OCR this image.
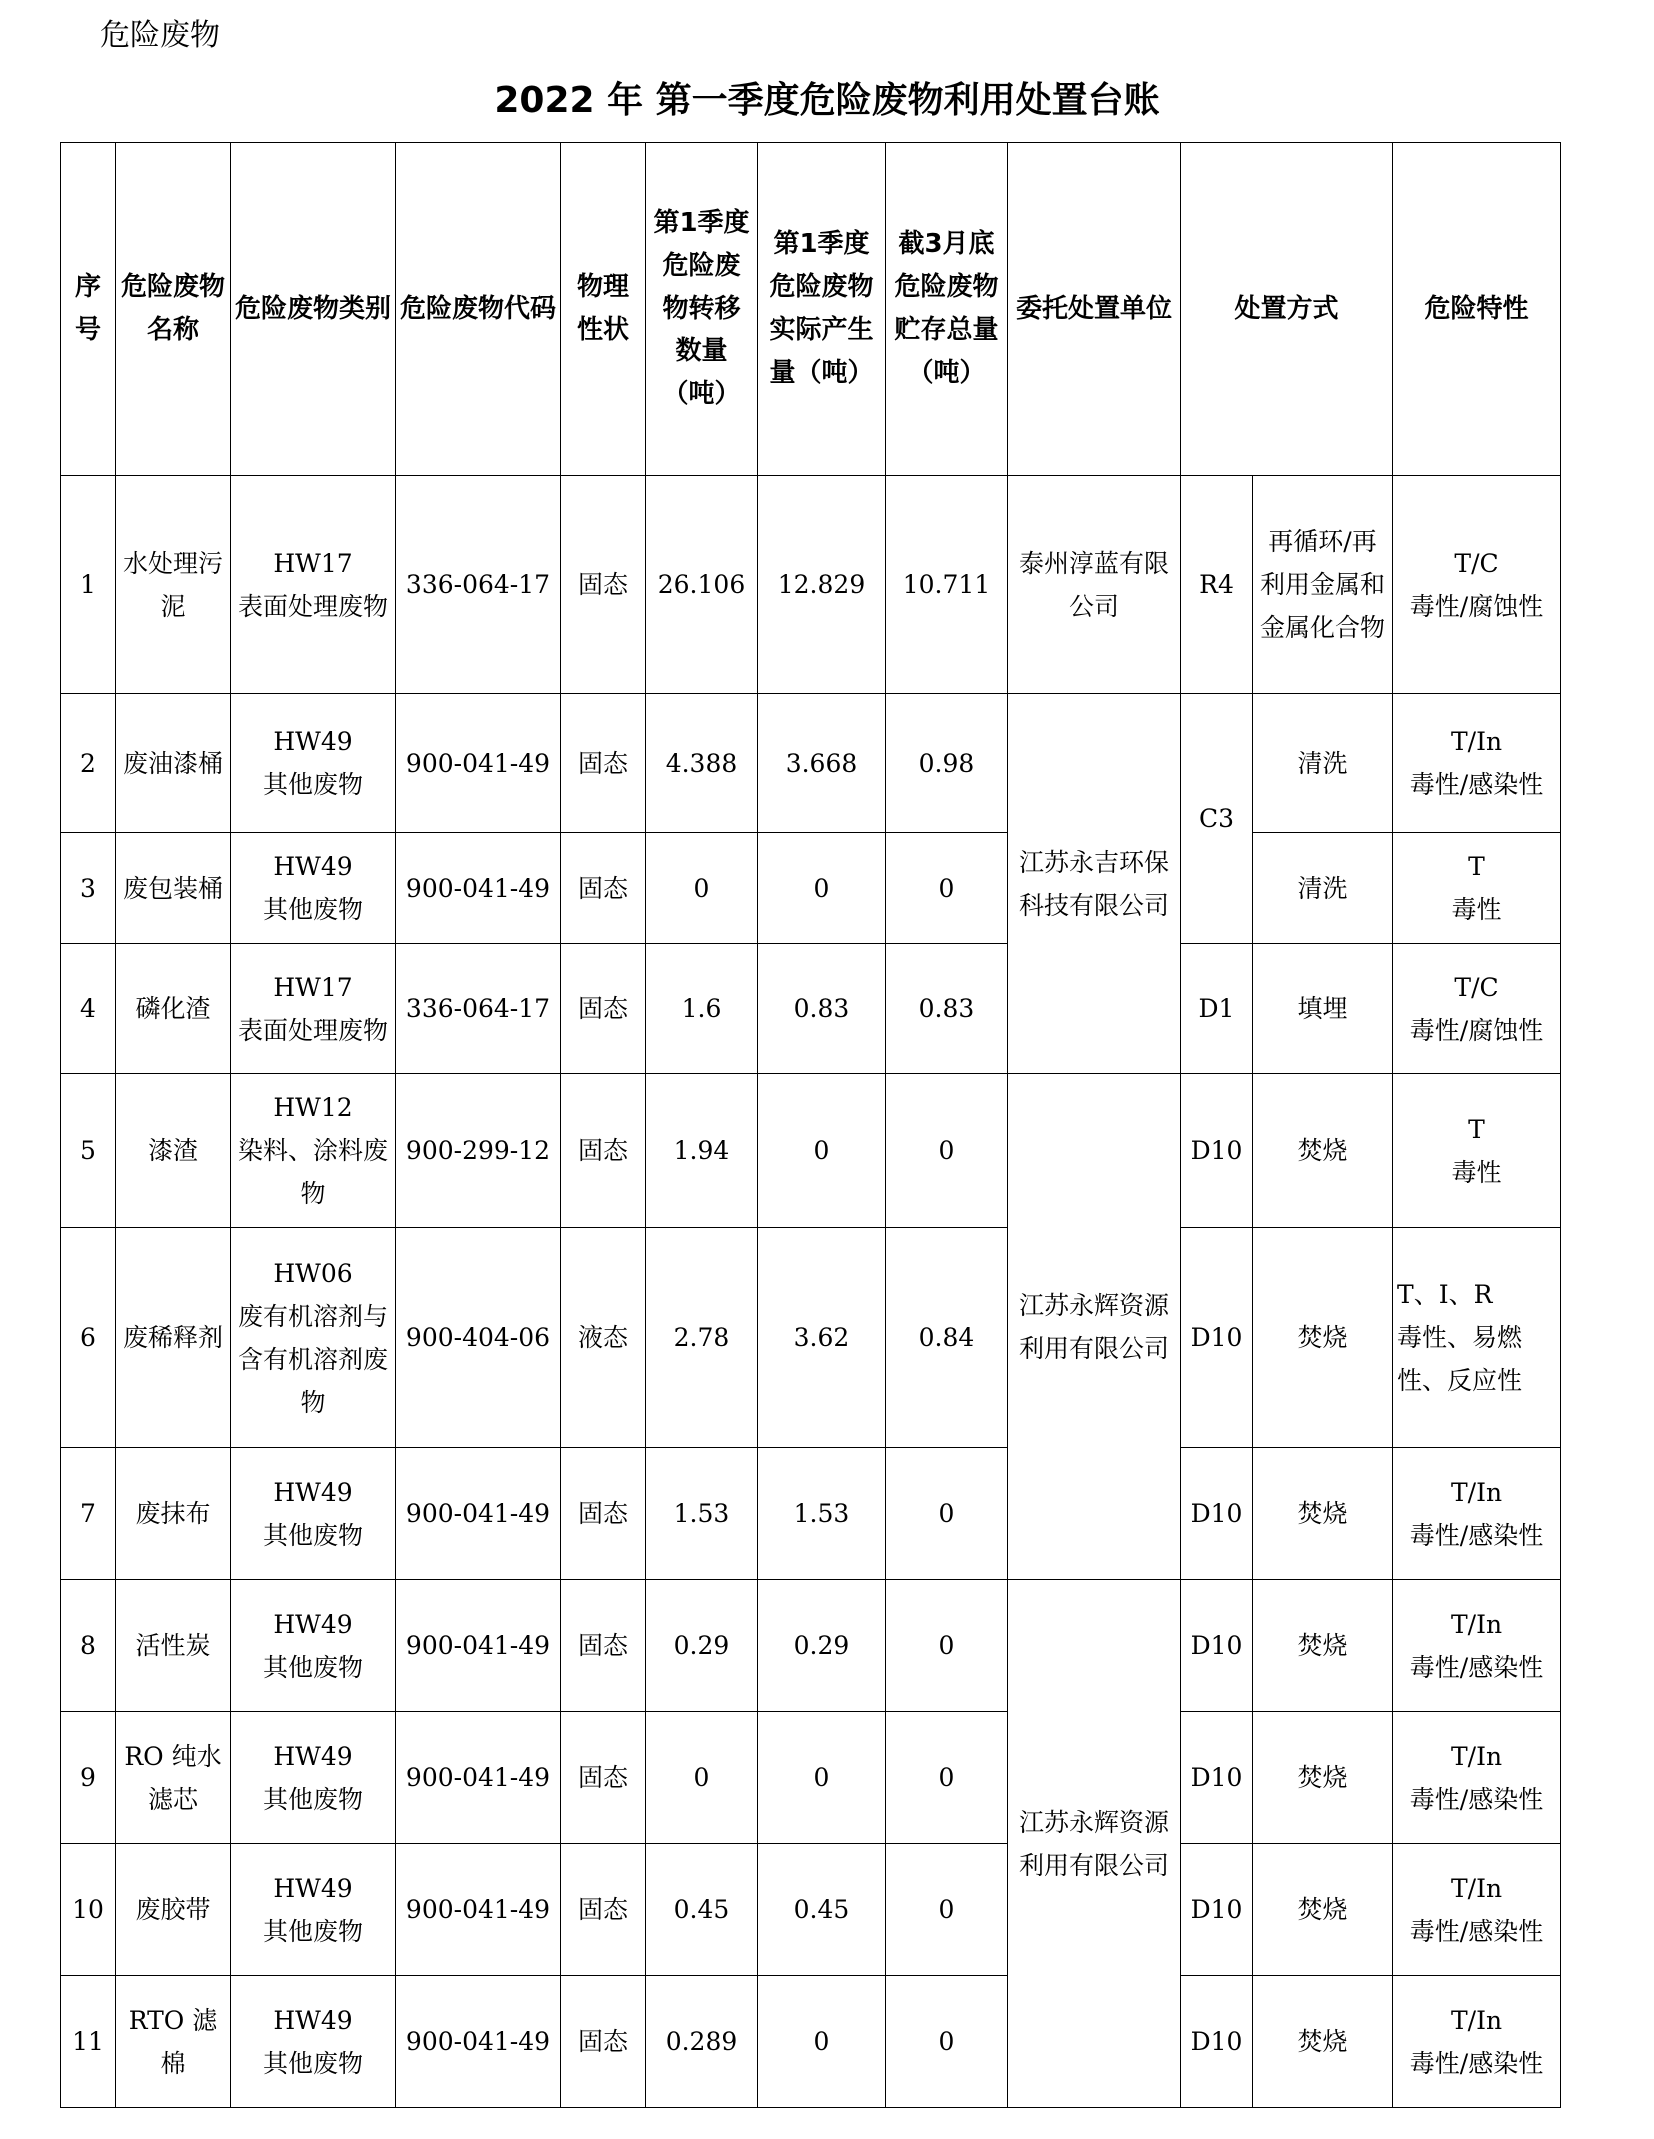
危险废物
2022 年 第一季度危险废物利用处置台账
序号	危险废物名称	危险废物类别	危险废物代码	物理性状	第1季度危险废物转移数量（吨）	第1季度危险废物实际产生量（吨）	截3月底危险废物贮存总量（吨）	委托处置单位	处置方式		危险特性
1	水处理污泥	HW17
表面处理废物	336-064-17	固态	26.106	12.829	10.711	泰州淳蓝有限公司	R4	再循环/再利用金属和金属化合物	T/C
毒性/腐蚀性
2	废油漆桶	HW49
其他废物	900-041-49	固态	4.388	3.668	0.98	江苏永吉环保科技有限公司	C3	清洗	T/In
毒性/感染性
3	废包装桶	HW49
其他废物	900-041-49	固态	0	0	0			清洗	T
毒性
4	磷化渣	HW17
表面处理废物	336-064-17	固态	1.6	0.83	0.83		D1	填埋	T/C
毒性/腐蚀性
5	漆渣	HW12
染料、涂料废物	900-299-12	固态	1.94	0	0	江苏永辉资源利用有限公司	D10	焚烧	T
毒性
6	废稀释剂	HW06
废有机溶剂与含有机溶剂废物	900-404-06	液态	2.78	3.62	0.84		D10	焚烧	T、I、R
毒性、易燃性、反应性
7	废抹布	HW49
其他废物	900-041-49	固态	1.53	1.53	0		D10	焚烧	T/In
毒性/感染性
8	活性炭	HW49
其他废物	900-041-49	固态	0.29	0.29	0	江苏永辉资源利用有限公司	D10	焚烧	T/In
毒性/感染性
9	RO 纯水滤芯	HW49
其他废物	900-041-49	固态	0	0	0		D10	焚烧	T/In
毒性/感染性
10	废胶带	HW49
其他废物	900-041-49	固态	0.45	0.45	0		D10	焚烧	T/In
毒性/感染性
11	RTO 滤棉	HW49
其他废物	900-041-49	固态	0.289	0	0		D10	焚烧	T/In
毒性/感染性
